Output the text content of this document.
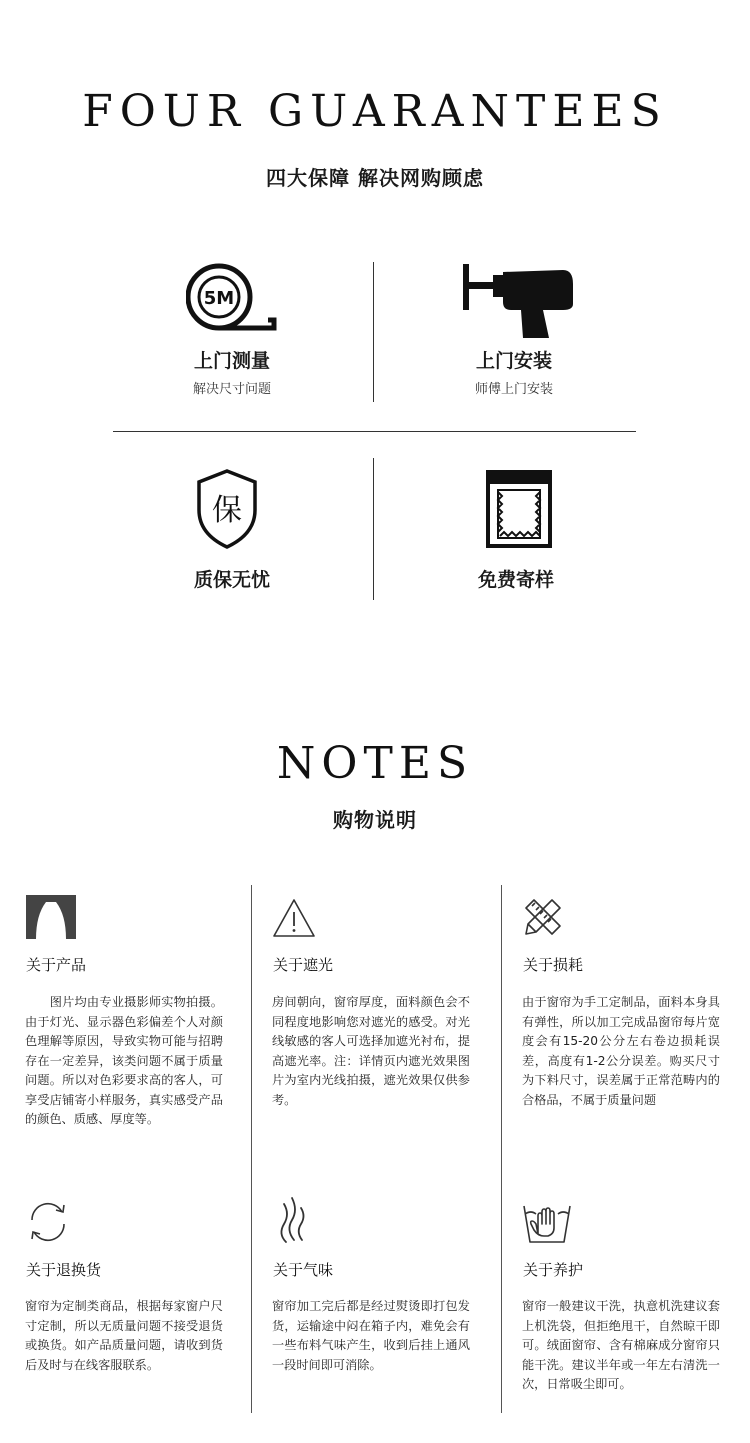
FOUR GUARANTEES
四大保障 解决网购顾虑
5M
上门测量
解决尺寸问题
上门安装
师傅上门安装
保
质保无忧	免费寄样
NOTES
购物说明
关于产品
　　图片均由专业摄影师实物拍摄。由于灯光、显示器色彩偏差个人对颜色理解等原因，导致实物可能与招聘存在一定差异，该类问题不属于质量问题。所以对色彩要求高的客人，可享受店铺寄小样服务，真实感受产品的颜色、质感、厚度等。
关于遮光
房间朝向，窗帘厚度，面料颜色会不同程度地影响您对遮光的感受。对光线敏感的客人可选择加遮光衬布，提高遮光率。注：详情页内遮光效果图片为室内光线拍摄，遮光效果仅供参考。
关于损耗
由于窗帘为手工定制品，面料本身具有弹性，所以加工完成品窗帘每片宽度会有15-20公分左右卷边损耗误差，高度有1-2公分误差。购买尺寸为下料尺寸，误差属于正常范畴内的合格品，不属于质量问题
关于退换货
窗帘为定制类商品，根据每家窗户尺寸定制，所以无质量问题不接受退货或换货。如产品质量问题，请收到货后及时与在线客服联系。
关于气味
窗帘加工完后都是经过熨烫即打包发货，运输途中闷在箱子内，难免会有一些布料气味产生，收到后挂上通风一段时间即可消除。
关于养护
窗帘一般建议干洗，执意机洗建议套上机洗袋，但拒绝甩干，自然晾干即可。绒面窗帘、含有棉麻成分窗帘只能干洗。建议半年或一年左右清洗一次，日常吸尘即可。
